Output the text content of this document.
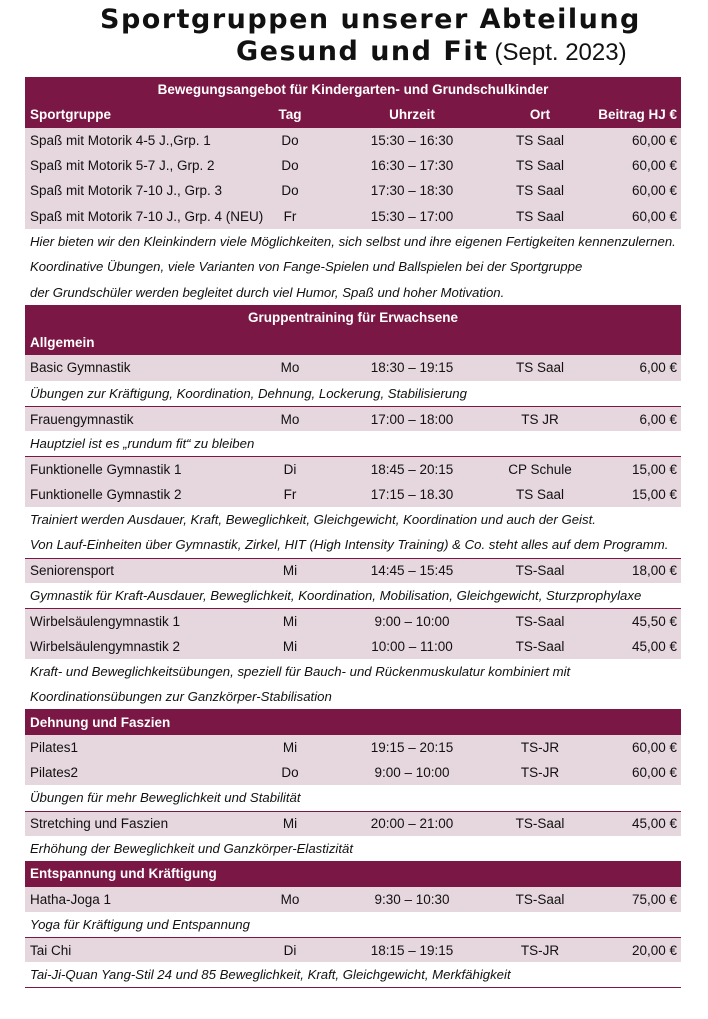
Sportgruppen unserer Abteilung
Gesund und Fit (Sept. 2023)
Bewegungsangebot für Kindergarten- und Grundschulkinder
Sportgruppe	Tag	Uhrzeit	Ort	Beitrag HJ €
Spaß mit Motorik 4-5 J.,Grp. 1	Do	15:30 – 16:30	TS Saal	60,00 €
Spaß mit Motorik 5-7 J., Grp. 2	Do	16:30 – 17:30	TS Saal	60,00 €
Spaß mit Motorik 7-10 J., Grp. 3	Do	17:30 – 18:30	TS Saal	60,00 €
Spaß mit Motorik 7-10 J., Grp. 4 (NEU)	Fr	15:30 – 17:00	TS Saal	60,00 €
Hier bieten wir den Kleinkindern viele Möglichkeiten, sich selbst und ihre eigenen Fertigkeiten kennenzulernen.
Koordinative Übungen, viele Varianten von Fange-Spielen und Ballspielen bei der Sportgruppe
der Grundschüler werden begleitet durch viel Humor, Spaß und hoher Motivation.
Gruppentraining für Erwachsene
Allgemein
Basic Gymnastik	Mo	18:30 – 19:15	TS Saal	6,00 €
Übungen zur Kräftigung, Koordination, Dehnung, Lockerung, Stabilisierung
Frauengymnastik	Mo	17:00 – 18:00	TS JR	6,00 €
Hauptziel ist es „rundum fit“ zu bleiben
Funktionelle Gymnastik 1	Di	18:45 – 20:15	CP Schule	15,00 €
Funktionelle Gymnastik 2	Fr	17:15 – 18.30	TS Saal	15,00 €
Trainiert werden Ausdauer, Kraft, Beweglichkeit, Gleichgewicht, Koordination und auch der Geist.
Von Lauf-Einheiten über Gymnastik, Zirkel, HIT (High Intensity Training) & Co. steht alles auf dem Programm.
Seniorensport	Mi	14:45 – 15:45	TS-Saal	18,00 €
Gymnastik für Kraft-Ausdauer, Beweglichkeit, Koordination, Mobilisation, Gleichgewicht, Sturzprophylaxe
Wirbelsäulengymnastik 1	Mi	9:00 – 10:00	TS-Saal	45,50 €
Wirbelsäulengymnastik 2	Mi	10:00 – 11:00	TS-Saal	45,00 €
Kraft- und Beweglichkeitsübungen, speziell für Bauch- und Rückenmuskulatur kombiniert mit
Koordinationsübungen zur Ganzkörper-Stabilisation
Dehnung und Faszien
Pilates1	Mi	19:15 – 20:15	TS-JR	60,00 €
Pilates2	Do	9:00 – 10:00	TS-JR	60,00 €
Übungen für mehr Beweglichkeit und Stabilität
Stretching und Faszien	Mi	20:00 – 21:00	TS-Saal	45,00 €
Erhöhung der Beweglichkeit und Ganzkörper-Elastizität
Entspannung und Kräftigung
Hatha-Joga 1	Mo	9:30 – 10:30	TS-Saal	75,00 €
Yoga für Kräftigung und Entspannung
Tai Chi	Di	18:15 – 19:15	TS-JR	20,00 €
Tai-Ji-Quan Yang-Stil 24 und 85 Beweglichkeit, Kraft, Gleichgewicht, Merkfähigkeit
